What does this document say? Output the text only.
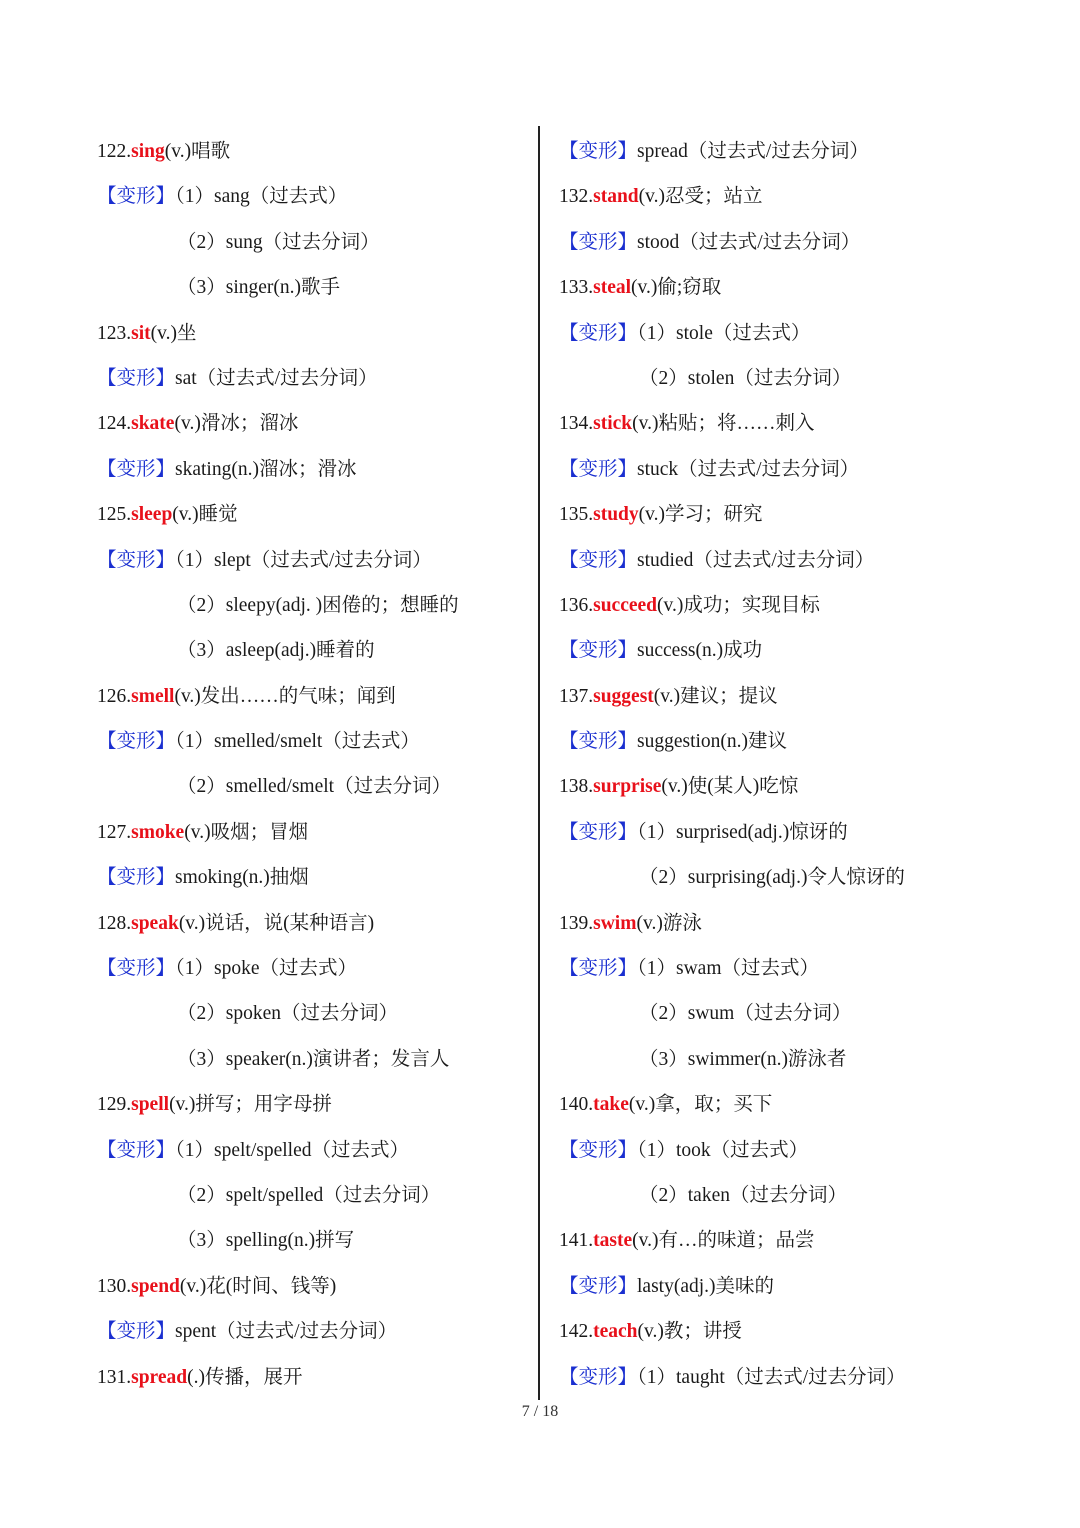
122.sing(v.)唱歌
【变形】（1）sang（过去式）
（2）sung（过去分词）
（3）singer(n.)歌手
123.sit(v.)坐
【变形】sat（过去式/过去分词）
124.skate(v.)滑冰；溜冰
【变形】skating(n.)溜冰；滑冰
125.sleep(v.)睡觉
【变形】（1）slept（过去式/过去分词）
（2）sleepy(adj. )困倦的；想睡的
（3）asleep(adj.)睡着的
126.smell(v.)发出……的气味；闻到
【变形】（1）smelled/smelt（过去式）
（2）smelled/smelt（过去分词）
127.smoke(v.)吸烟；冒烟
【变形】smoking(n.)抽烟
128.speak(v.)说话，说(某种语言)
【变形】（1）spoke（过去式）
（2）spoken（过去分词）
（3）speaker(n.)演讲者；发言人
129.spell(v.)拼写；用字母拼
【变形】（1）spelt/spelled（过去式）
（2）spelt/spelled（过去分词）
（3）spelling(n.)拼写
130.spend(v.)花(时间、钱等)
【变形】spent（过去式/过去分词）
131.spread(.)传播，展开
【变形】spread（过去式/过去分词）
132.stand(v.)忍受；站立
【变形】stood（过去式/过去分词）
133.steal(v.)偷;窃取
【变形】（1）stole（过去式）
（2）stolen（过去分词）
134.stick(v.)粘贴；将……刺入
【变形】stuck（过去式/过去分词）
135.study(v.)学习；研究
【变形】studied（过去式/过去分词）
136.succeed(v.)成功；实现目标
【变形】success(n.)成功
137.suggest(v.)建议；提议
【变形】suggestion(n.)建议
138.surprise(v.)使(某人)吃惊
【变形】（1）surprised(adj.)惊讶的
（2）surprising(adj.)令人惊讶的
139.swim(v.)游泳
【变形】（1）swam（过去式）
（2）swum（过去分词）
（3）swimmer(n.)游泳者
140.take(v.)拿，取；买下
【变形】（1）took（过去式）
（2）taken（过去分词）
141.taste(v.)有…的味道；品尝
【变形】lasty(adj.)美味的
142.teach(v.)教；讲授
【变形】（1）taught（过去式/过去分词）
7 / 18
